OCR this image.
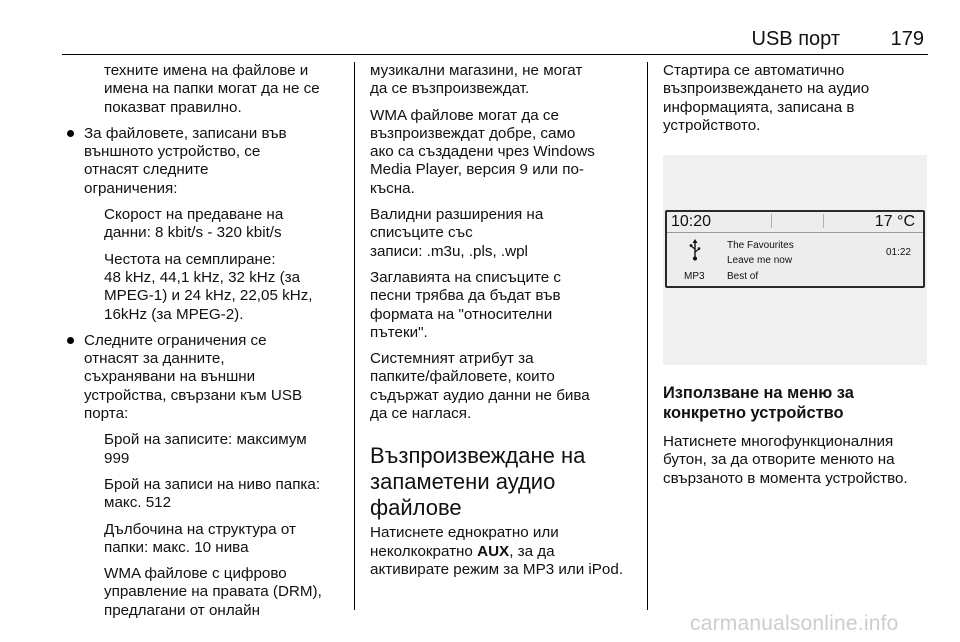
USB порт	179

техните имена на файлове и
имена на папки могат да не се
показват правилно.

За файловете, записани във
външното устройство, се
отнасят следните
ограничения:

Скорост на предаване на
данни: 8 kbit/s - 320 kbit/s

Честота на семплиране:
48 kHz, 44,1 kHz, 32 kHz (за
MPEG-1) и 24 kHz, 22,05 kHz,
16kHz (за MPEG-2).

Следните ограничения се
отнасят за данните,
съхранявани на външни
устройства, свързани към USB
порта:

Брой на записите: максимум
999

Брой на записи на ниво папка:
макс. 512

Дълбочина на структура от
папки: макс. 10 нива

WMA файлове с цифрово
управление на правата (DRM),
предлагани от онлайн

музикални магазини, не могат
да се възпроизвеждат.

WMA файлове могат да се
възпроизвеждат добре, само
ако са създадени чрез Windows
Media Player, версия 9 или по-
късна.

Валидни разширения на
списъците със
записи: .m3u, .pls, .wpl

Заглавията на списъците с
песни трябва да бъдат във
формата на "относителни
пътеки".

Системният атрибут за
папките/файловете, които
съдържат аудио данни не бива
да се наглася.

Възпроизвеждане на
запаметени аудио
файлове

Натиснете еднократно или
неколкократно AUX, за да
активирате режим за MP3 или iPod.

Стартира се автоматично
възпроизвеждането на аудио
информацията, записана в
устройството.

10:20	17 °C
MP3
The Favourites
Leave me now
Best of
01:22
Използване на меню за
конкретно устройство

Натиснете многофункционалния
бутон, за да отворите менюто на
свързаното в момента устройство.

carmanualsonline.info
